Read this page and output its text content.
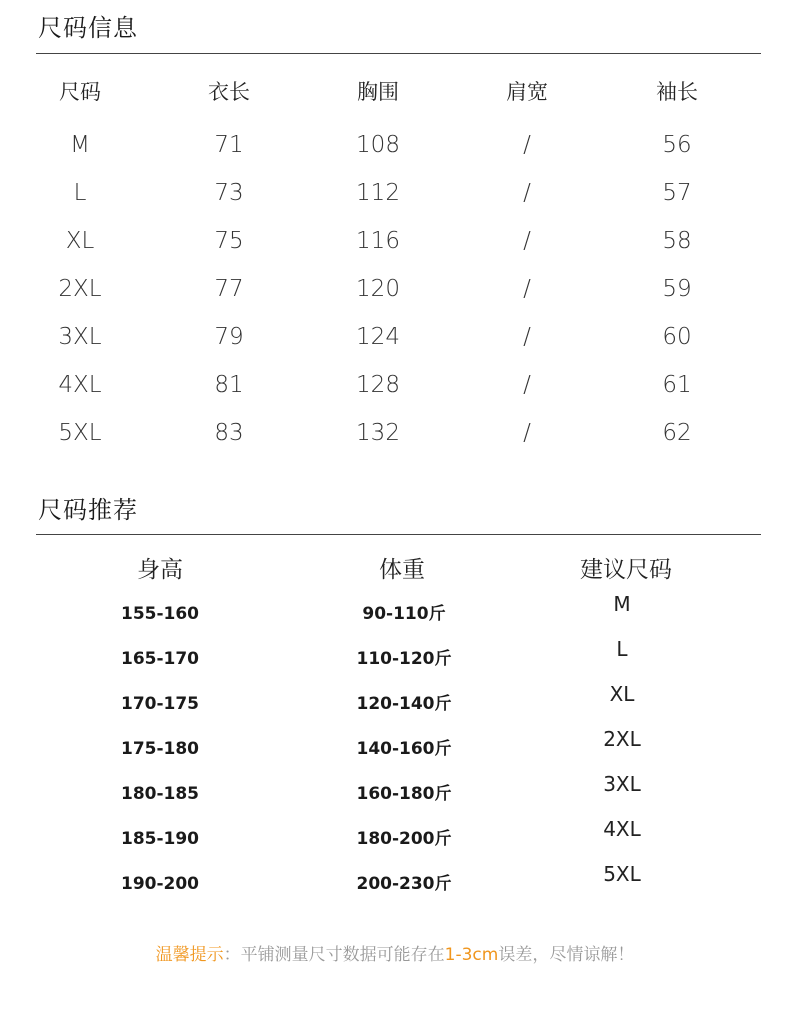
尺码信息
尺码	衣长	胸围	肩宽	袖长
M	71	108	/	56
L	73	112	/	57
XL	75	116	/	58
2XL	77	120	/	59
3XL	79	124	/	60
4XL	81	128	/	61
5XL	83	132	/	62
尺码推荐
身高	体重	建议尺码
155-160	90-110斤	M
165-170	110-120斤	L
170-175	120-140斤	XL
175-180	140-160斤	2XL
180-185	160-180斤	3XL
185-190	180-200斤	4XL
190-200	200-230斤	5XL
温馨提示：平铺测量尺寸数据可能存在1-3cm误差，尽情谅解！
